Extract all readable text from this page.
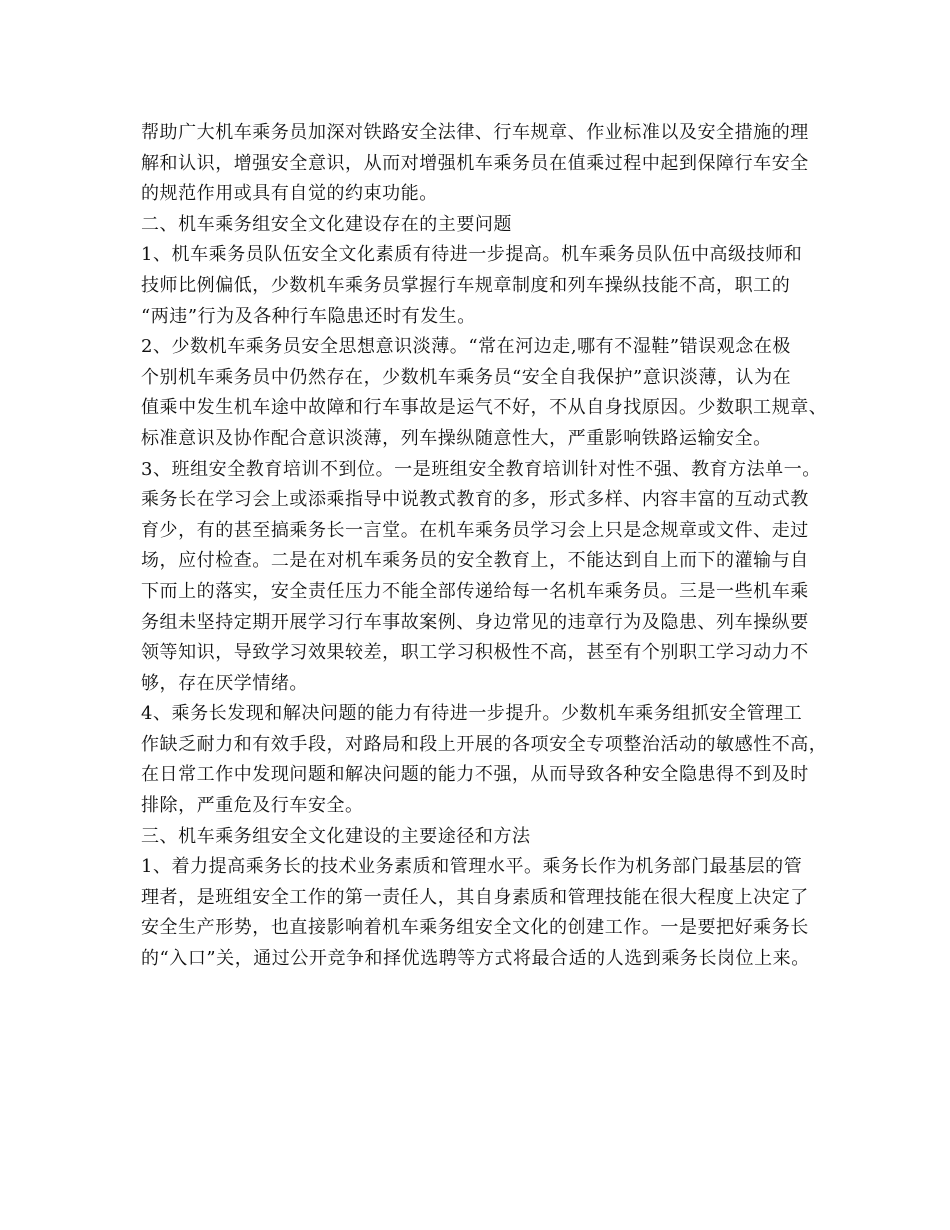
帮助广大机车乘务员加深对铁路安全法律、行车规章、作业标准以及安全措施的理
解和认识，增强安全意识，从而对增强机车乘务员在值乘过程中起到保障行车安全
的规范作用或具有自觉的约束功能。
二、机车乘务组安全文化建设存在的主要问题
1、机车乘务员队伍安全文化素质有待进一步提高。机车乘务员队伍中高级技师和
技师比例偏低，少数机车乘务员掌握行车规章制度和列车操纵技能不高，职工的
“两违”行为及各种行车隐患还时有发生。
2、少数机车乘务员安全思想意识淡薄。“常在河边走,哪有不湿鞋”错误观念在极
个别机车乘务员中仍然存在，少数机车乘务员“安全自我保护”意识淡薄，认为在
值乘中发生机车途中故障和行车事故是运气不好，不从自身找原因。少数职工规章、
标准意识及协作配合意识淡薄，列车操纵随意性大，严重影响铁路运输安全。
3、班组安全教育培训不到位。一是班组安全教育培训针对性不强、教育方法单一。
乘务长在学习会上或添乘指导中说教式教育的多，形式多样、内容丰富的互动式教
育少，有的甚至搞乘务长一言堂。在机车乘务员学习会上只是念规章或文件、走过
场，应付检查。二是在对机车乘务员的安全教育上，不能达到自上而下的灌输与自
下而上的落实，安全责任压力不能全部传递给每一名机车乘务员。三是一些机车乘
务组未坚持定期开展学习行车事故案例、身边常见的违章行为及隐患、列车操纵要
领等知识，导致学习效果较差，职工学习积极性不高，甚至有个别职工学习动力不
够，存在厌学情绪。
4、乘务长发现和解决问题的能力有待进一步提升。少数机车乘务组抓安全管理工
作缺乏耐力和有效手段，对路局和段上开展的各项安全专项整治活动的敏感性不高，
在日常工作中发现问题和解决问题的能力不强，从而导致各种安全隐患得不到及时
排除，严重危及行车安全。
三、机车乘务组安全文化建设的主要途径和方法
1、着力提高乘务长的技术业务素质和管理水平。乘务长作为机务部门最基层的管
理者，是班组安全工作的第一责任人，其自身素质和管理技能在很大程度上决定了
安全生产形势，也直接影响着机车乘务组安全文化的创建工作。一是要把好乘务长
的“入口”关，通过公开竞争和择优选聘等方式将最合适的人选到乘务长岗位上来。
